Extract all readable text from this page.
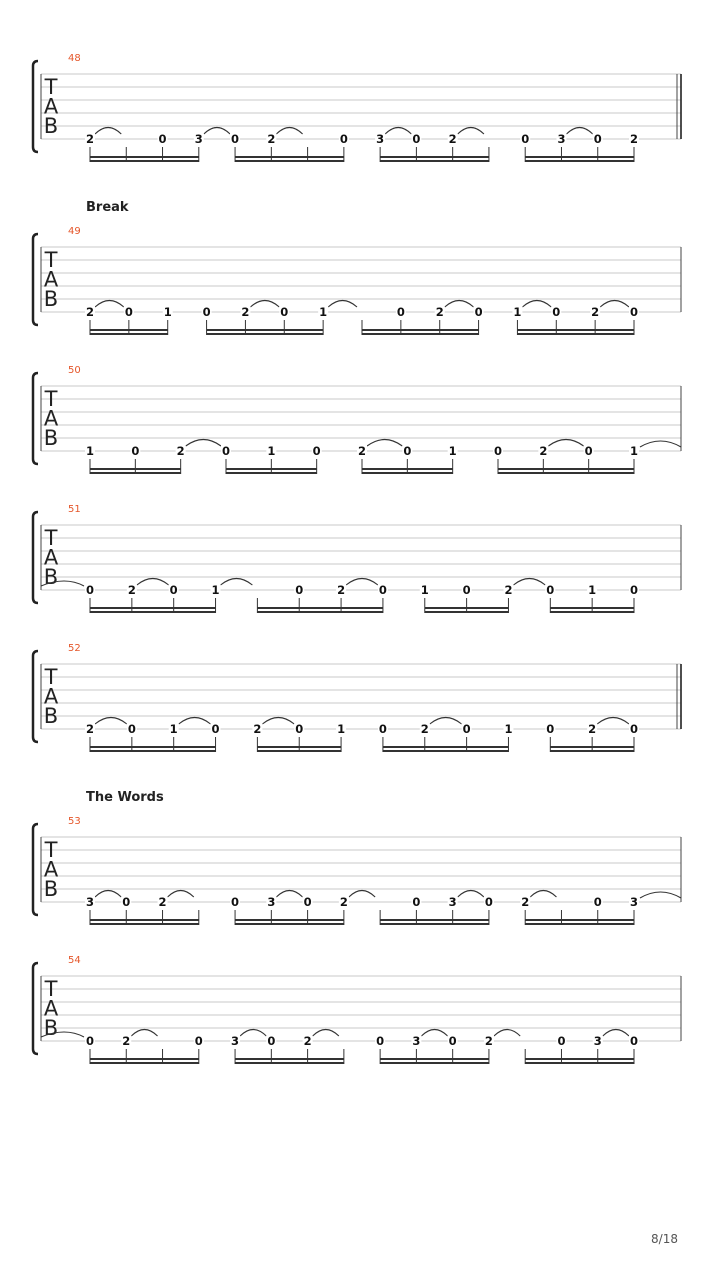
48
T
A
B
2	0 3 0 2	0 3 0 2	0 3 0 2
Break
49
T
A
B
2	0	1	0	2	0	1	0	2	0	1	0	2	0
50
T
A
B
1	0	2	0	1	0	2	0	1	0	2	0	1
51
T
A
B
0	2	0	1	0	2	0	1	0	2	0	1	0
52
T
A
B
2	0	1	0	2	0	1	0	2	0	1	0	2	0
The Words
53
T
A
B
3 0 2	0 3 0 2	0 3 0 2	0 3
54
T
A
B
0 2	0 3 0 2	0 3 0 2	0 3 0
8/18
